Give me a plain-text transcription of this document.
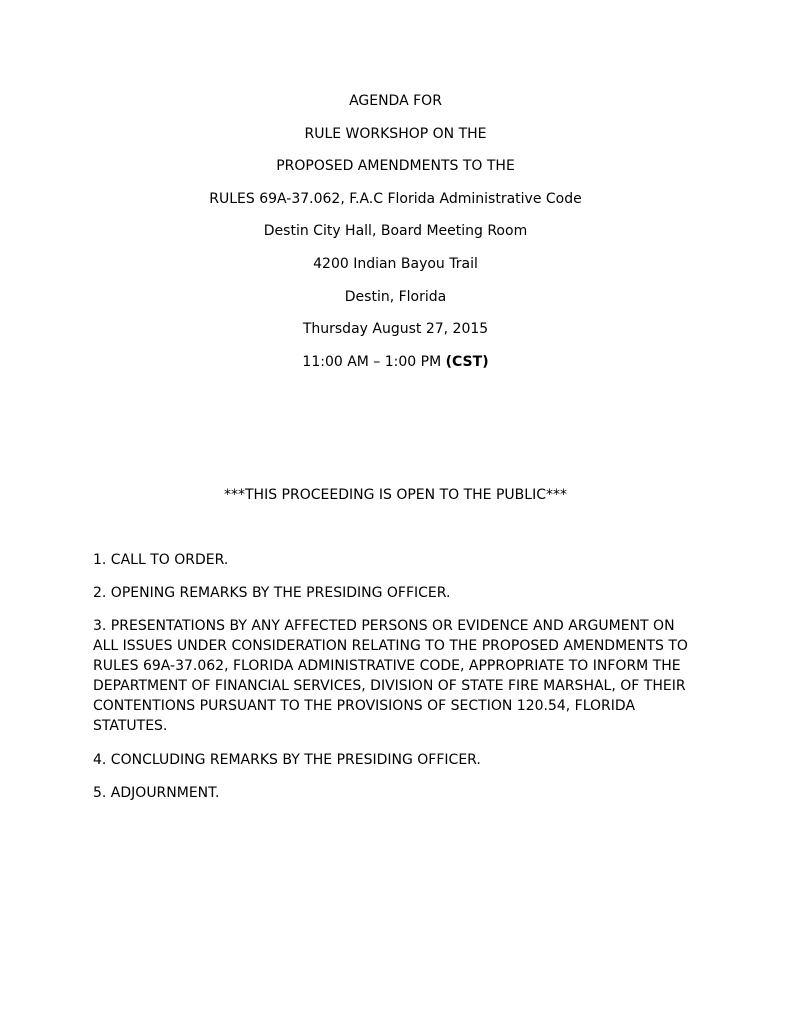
AGENDA FOR
RULE WORKSHOP ON THE
PROPOSED AMENDMENTS TO THE
RULES 69A-37.062, F.A.C Florida Administrative Code
Destin City Hall, Board Meeting Room
4200 Indian Bayou Trail
Destin, Florida
Thursday August 27, 2015
11:00 AM – 1:00 PM (CST)
***THIS PROCEEDING IS OPEN TO THE PUBLIC***
1. CALL TO ORDER.
2. OPENING REMARKS BY THE PRESIDING OFFICER.
3. PRESENTATIONS BY ANY AFFECTED PERSONS OR EVIDENCE AND ARGUMENT ON ALL ISSUES UNDER CONSIDERATION RELATING TO THE PROPOSED AMENDMENTS TO RULES 69A-37.062, FLORIDA ADMINISTRATIVE CODE, APPROPRIATE TO INFORM THE DEPARTMENT OF FINANCIAL SERVICES, DIVISION OF STATE FIRE MARSHAL, OF THEIR CONTENTIONS PURSUANT TO THE PROVISIONS OF SECTION 120.54, FLORIDA STATUTES.
4. CONCLUDING REMARKS BY THE PRESIDING OFFICER.
5. ADJOURNMENT.
